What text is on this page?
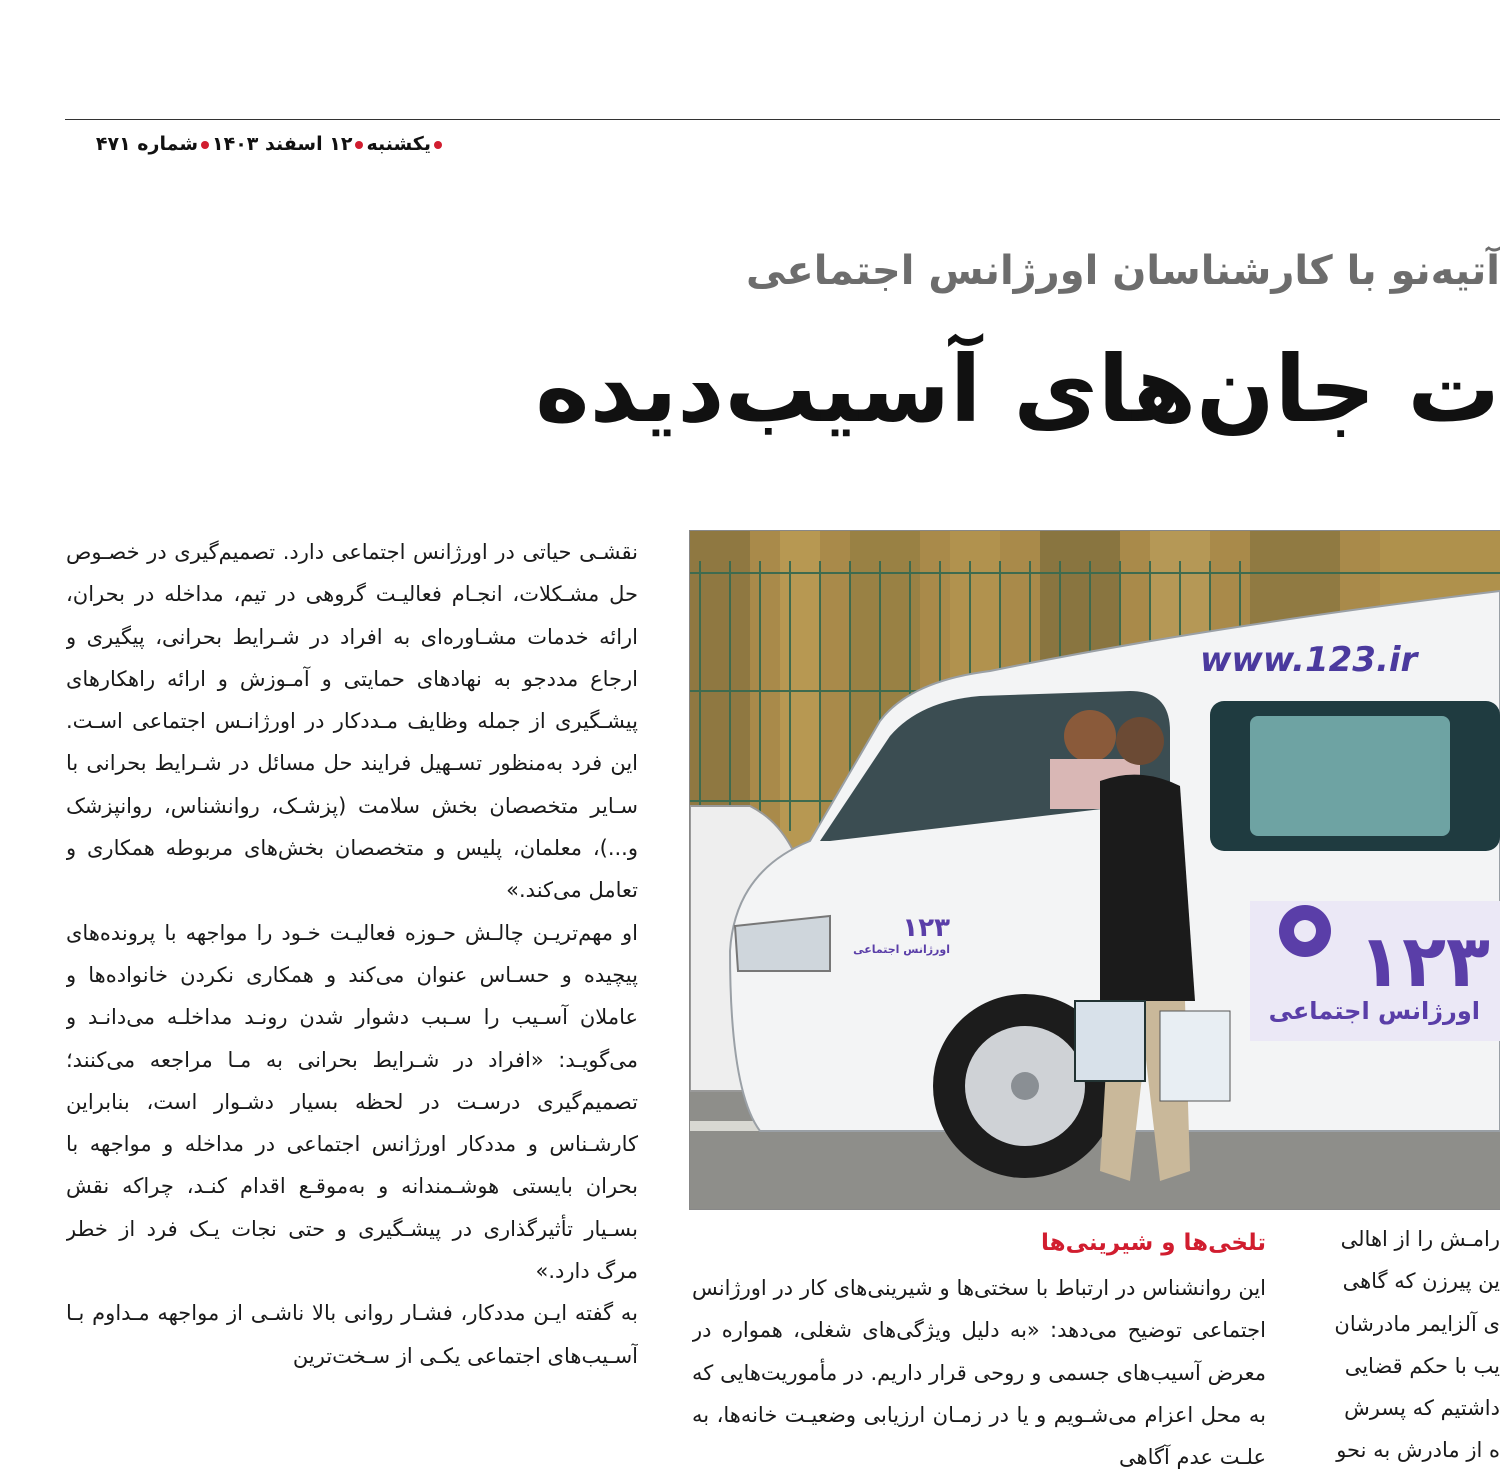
یکشنبه۱۲ اسفند ۱۴۰۳شماره ۴۷۱
آتیه‌نو با کارشناسان اورژانس اجتماعی
ت جان‌های آسیب‌دیده

نقشـی حیاتی در اورژانس اجتماعی دارد. تصمیم‌گیری در خصـوص حل مشـکلات، انجـام فعالیـت گروهی در تیم، مداخله در بحران، ارائه خدمات مشـاوره‌ای به افراد در شـرایط بحرانی، پیگیری و ارجاع مددجو به نهادهای حمایتی و آمـوزش و ارائه راهکارهای پیشـگیری از جمله وظایف مـددکار در اورژانـس اجتماعی اسـت. این فرد به‌منظور تسـهیل فرایند حل مسائل در شـرایط بحرانی با سـایر متخصصان بخش سلامت (پزشـک، روانشناس، روانپزشک و...)، معلمان، پلیس و متخصصان بخش‌های مربوطه همکاری و تعامل می‌کند.»

او مهم‌تریـن چالـش حـوزه فعالیـت خـود را مواجهه با پرونده‌های پیچیده و حسـاس عنوان می‌کند و همکاری نکردن خانواده‌ها و عاملان آسـیب را سـبب دشوار شدن رونـد مداخلـه می‌دانـد و می‌گویـد: «افراد در شـرایط بحرانی به مـا مراجعه می‌کنند؛ تصمیم‌گیری درسـت در لحظه بسیار دشـوار است، بنابراین کارشـناس و مددکار اورژانس اجتماعی در مداخله و مواجهه با بحران بایستی هوشـمندانه و به‌موقـع اقدام کنـد، چراکه نقش بسـیار تأثیرگذاری در پیشـگیری و حتی نجات یـک فرد از خطر مرگ دارد.»

به گفته ایـن مددکار، فشـار روانی بالا ناشـی از مواجهه مـداوم بـا آسـیب‌های اجتماعی یکـی از سـخت‌ترین

www.123.ir
۱۲۳
اورژانس اجتماعی
۱۲۳
اورژانس اجتماعی
تلخی‌ها و شیرینی‌ها

این روانشناس در ارتباط با سختی‌ها و شیرینی‌های کار در اورژانس اجتماعی توضیح می‌دهد: «به دلیل ویژگی‌های شغلی، همواره در معرض آسیب‌های جسمی و روحی قرار داریم. در مأموریت‌هایی که به محل اعزام می‌شـویم و یا در زمـان ارزیابی وضعیـت خانه‌ها، به علـت عدم آگاهی

رامـش را از اهالی

ین پیرزن که گاهی

ی آلزایمر مادرشان

یب با حکم قضایی

داشتیم که پسرش

ه از مادرش به نحو
